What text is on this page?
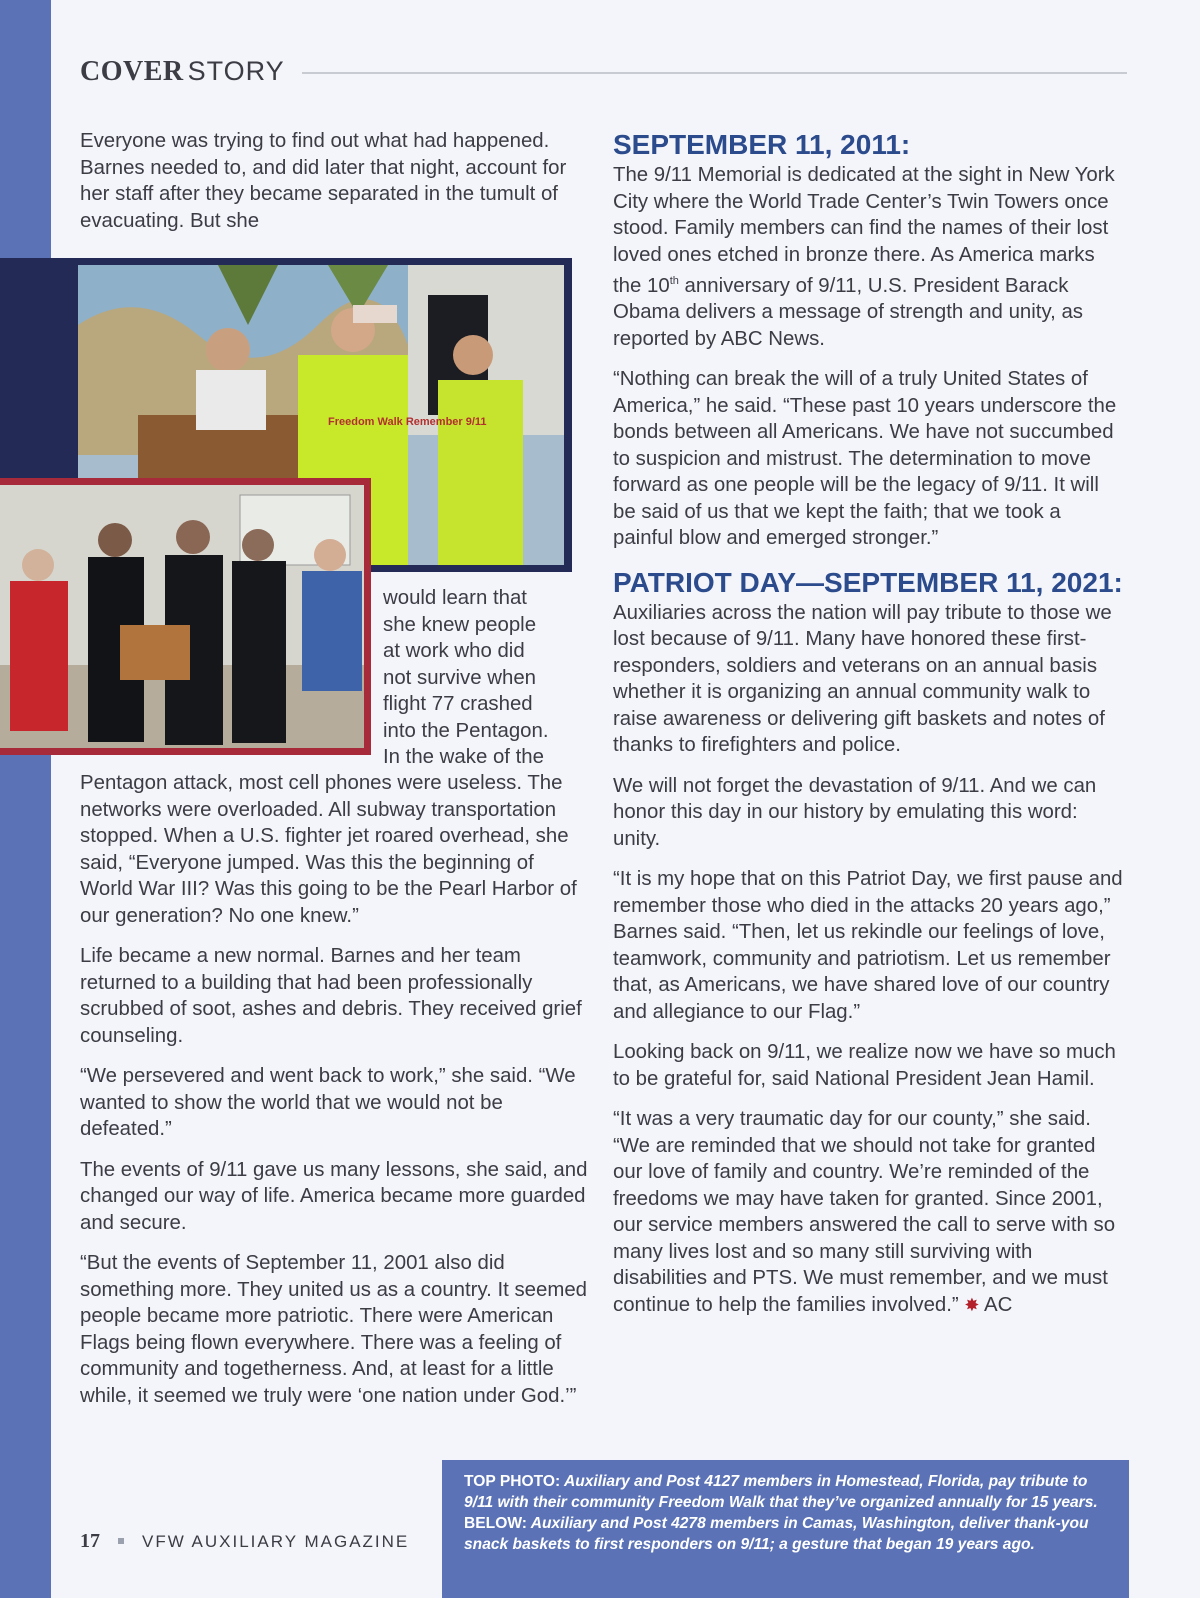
COVER STORY

Everyone was trying to find out what had happened. Barnes needed to, and did later that night, account for her staff after they became separated in the tumult of evacuating. But she

Freedom Walk Remember 9/11
would learn that
she knew people
at work who did
not survive when
flight 77 crashed
into the Pentagon.
In the wake of the

Pentagon attack, most cell phones were useless. The networks were overloaded. All subway transportation stopped. When a U.S. fighter jet roared overhead, she said, “Everyone jumped. Was this the beginning of World War III? Was this going to be the Pearl Harbor of our generation? No one knew.”

Life became a new normal. Barnes and her team returned to a building that had been professionally scrubbed of soot, ashes and debris. They received grief counseling.

“We persevered and went back to work,” she said. “We wanted to show the world that we would not be defeated.”

The events of 9/11 gave us many lessons, she said, and changed our way of life. America became more guarded and secure.

“But the events of September 11, 2001 also did something more. They united us as a country. It seemed people became more patriotic. There were American Flags being flown everywhere. There was a feeling of community and togetherness. And, at least for a little while, it seemed we truly were ‘one nation under God.’”

SEPTEMBER 11, 2011:

The 9/11 Memorial is dedicated at the sight in New York City where the World Trade Center’s Twin Towers once stood. Family members can find the names of their lost loved ones etched in bronze there. As America marks the 10th anniversary of 9/11, U.S. President Barack Obama delivers a message of strength and unity, as reported by ABC News.

“Nothing can break the will of a truly United States of America,” he said. “These past 10 years underscore the bonds between all Americans. We have not succumbed to suspicion and mistrust. The determination to move forward as one people will be the legacy of 9/11. It will be said of us that we kept the faith; that we took a painful blow and emerged stronger.”

PATRIOT DAY—SEPTEMBER 11, 2021:

Auxiliaries across the nation will pay tribute to those we lost because of 9/11. Many have honored these first-responders, soldiers and veterans on an annual basis whether it is organizing an annual community walk to raise awareness or delivering gift baskets and notes of thanks to firefighters and police.

We will not forget the devastation of 9/11. And we can honor this day in our history by emulating this word: unity.

“It is my hope that on this Patriot Day, we first pause and remember those who died in the attacks 20 years ago,” Barnes said. “Then, let us rekindle our feelings of love, teamwork, community and patriotism. Let us remember that, as Americans, we have shared love of our country and allegiance to our Flag.”

Looking back on 9/11, we realize now we have so much to be grateful for, said National President Jean Hamil.

“It was a very traumatic day for our county,” she said. “We are reminded that we should not take for granted our love of family and country. We’re reminded of the freedoms we may have taken for granted. Since 2001, our service members answered the call to serve with so many lives lost and so many still surviving with disabilities and PTS. We must remember, and we must continue to help the families involved.” ✸ AC

TOP PHOTO: Auxiliary and Post 4127 members in Homestead, Florida, pay tribute to 9/11 with their community Freedom Walk that they’ve organized annually for 15 years. BELOW: Auxiliary and Post 4278 members in Camas, Washington, deliver thank-you snack baskets to first responders on 9/11; a gesture that began 19 years ago.
17 VFW AUXILIARY MAGAZINE
